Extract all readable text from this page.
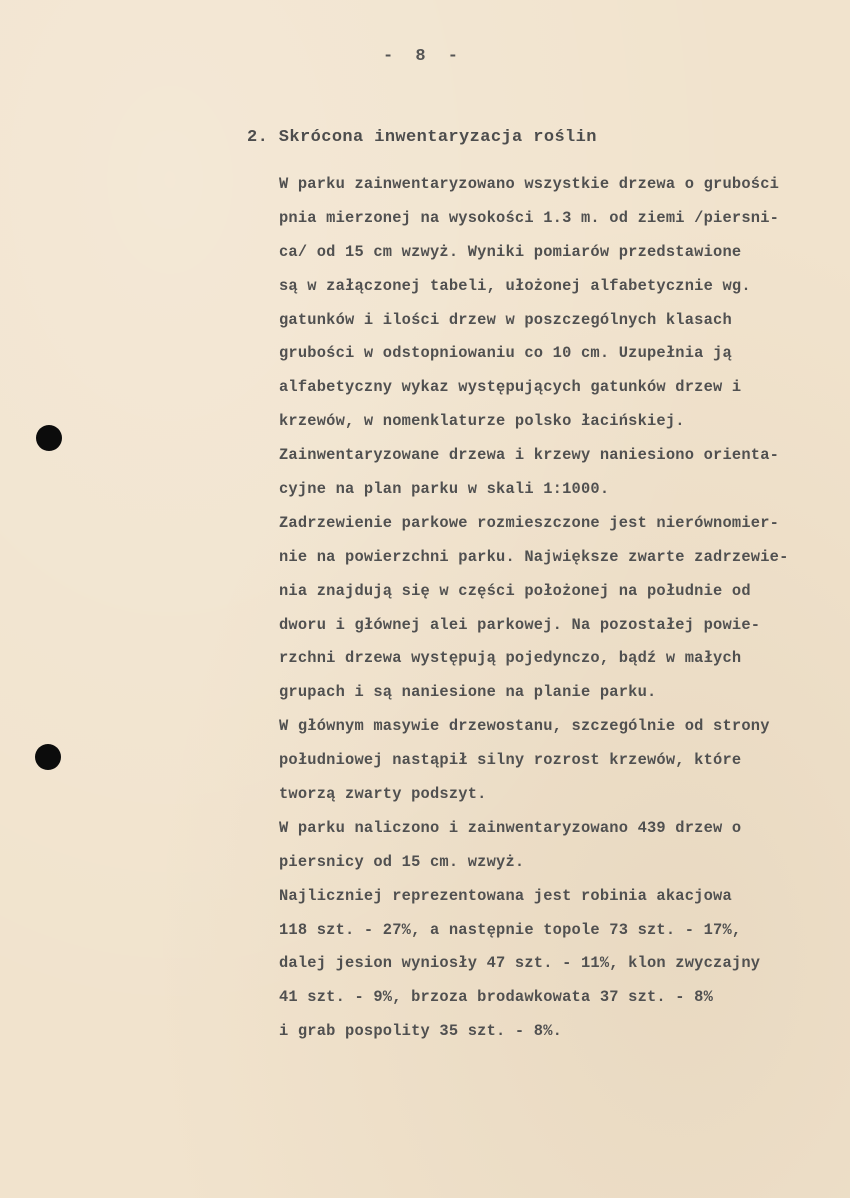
- 8 -
2. Skrócona inwentaryzacja roślin
W parku zainwentaryzowano wszystkie drzewa o grubości
pnia mierzonej na wysokości 1.3 m. od ziemi /piersni-
ca/ od 15 cm wzwyż. Wyniki pomiarów przedstawione
są w załączonej tabeli, ułożonej alfabetycznie wg.
gatunków i ilości drzew w poszczególnych klasach
grubości w odstopniowaniu co 10 cm. Uzupełnia ją
alfabetyczny wykaz występujących gatunków drzew i
krzewów, w nomenklaturze polsko łacińskiej.
Zainwentaryzowane drzewa i krzewy naniesiono orienta-
cyjne na plan parku w skali 1:1000.
Zadrzewienie parkowe rozmieszczone jest nierównomier-
nie na powierzchni parku. Największe zwarte zadrzewie-
nia znajdują się w części położonej na południe od
dworu i głównej alei parkowej. Na pozostałej powie-
rzchni drzewa występują pojedynczo, bądź w małych
grupach i są naniesione na planie parku.
W głównym masywie drzewostanu, szczególnie od strony
południowej nastąpił silny rozrost krzewów, które
tworzą zwarty podszyt.
W parku naliczono i zainwentaryzowano 439 drzew o
piersnicy od 15 cm. wzwyż.
Najliczniej reprezentowana jest robinia akacjowa
118 szt. - 27%, a następnie topole 73 szt. - 17%,
dalej jesion wyniosły 47 szt. - 11%, klon zwyczajny
41 szt. - 9%, brzoza brodawkowata 37 szt. - 8%
i grab pospolity 35 szt. - 8%.
